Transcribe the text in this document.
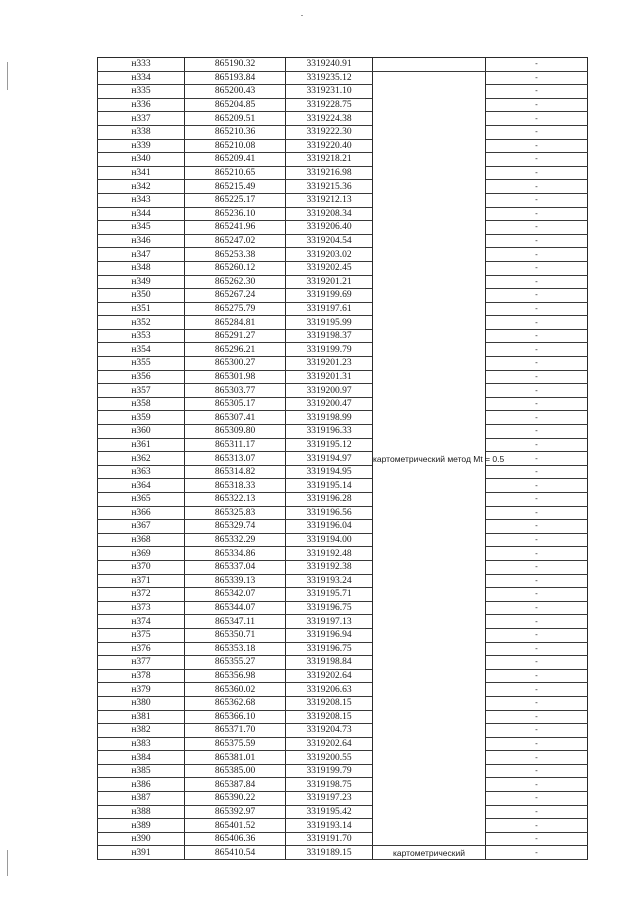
н333	865190.32	3319240.91		-
н334	865193.84	3319235.12	картометрический метод Mt = 0.5	-
н335	865200.43	3319231.10		-
н336	865204.85	3319228.75		-
н337	865209.51	3319224.38		-
н338	865210.36	3319222.30		-
н339	865210.08	3319220.40		-
н340	865209.41	3319218.21		-
н341	865210.65	3319216.98		-
н342	865215.49	3319215.36		-
н343	865225.17	3319212.13		-
н344	865236.10	3319208.34		-
н345	865241.96	3319206.40		-
н346	865247.02	3319204.54		-
н347	865253.38	3319203.02		-
н348	865260.12	3319202.45		-
н349	865262.30	3319201.21		-
н350	865267.24	3319199.69		-
н351	865275.79	3319197.61		-
н352	865284.81	3319195.99		-
н353	865291.27	3319198.37		-
н354	865296.21	3319199.79		-
н355	865300.27	3319201.23		-
н356	865301.98	3319201.31		-
н357	865303.77	3319200.97		-
н358	865305.17	3319200.47		-
н359	865307.41	3319198.99		-
н360	865309.80	3319196.33		-
н361	865311.17	3319195.12		-
н362	865313.07	3319194.97		-
н363	865314.82	3319194.95		-
н364	865318.33	3319195.14		-
н365	865322.13	3319196.28		-
н366	865325.83	3319196.56		-
н367	865329.74	3319196.04		-
н368	865332.29	3319194.00		-
н369	865334.86	3319192.48		-
н370	865337.04	3319192.38		-
н371	865339.13	3319193.24		-
н372	865342.07	3319195.71		-
н373	865344.07	3319196.75		-
н374	865347.11	3319197.13		-
н375	865350.71	3319196.94		-
н376	865353.18	3319196.75		-
н377	865355.27	3319198.84		-
н378	865356.98	3319202.64		-
н379	865360.02	3319206.63		-
н380	865362.68	3319208.15		-
н381	865366.10	3319208.15		-
н382	865371.70	3319204.73		-
н383	865375.59	3319202.64		-
н384	865381.01	3319200.55		-
н385	865385.00	3319199.79		-
н386	865387.84	3319198.75		-
н387	865390.22	3319197.23		-
н388	865392.97	3319195.42		-
н389	865401.52	3319193.14		-
н390	865406.36	3319191.70		-
н391	865410.54	3319189.15	картометрический	-
